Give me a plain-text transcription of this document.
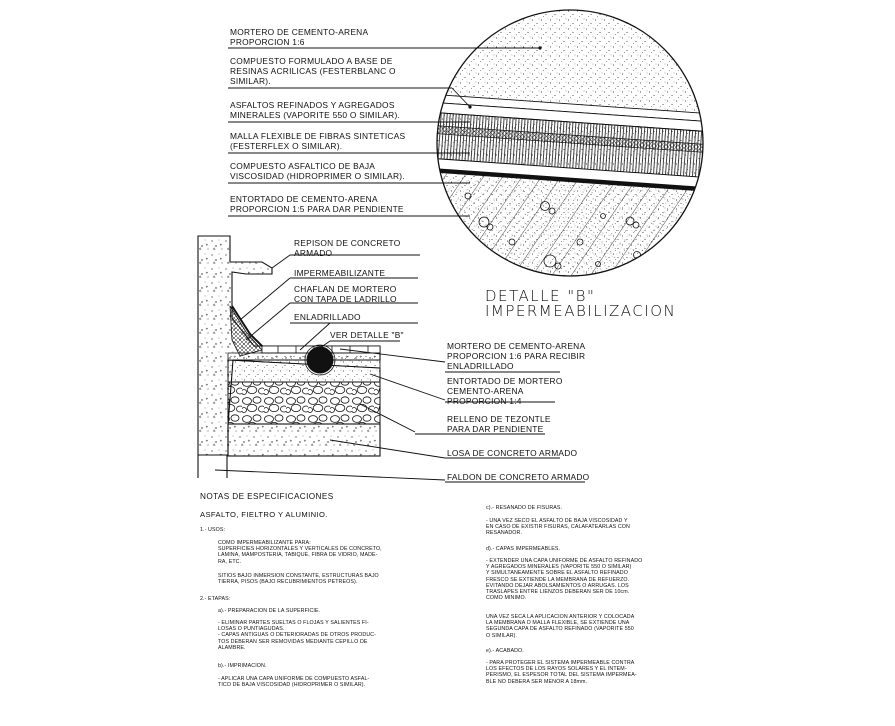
MORTERO DE CEMENTO-ARENA
PROPORCION 1:6
COMPUESTO FORMULADO A BASE DE
RESINAS ACRILICAS (FESTERBLANC O
SIMILAR).
ASFALTOS REFINADOS Y AGREGADOS
MINERALES (VAPORITE 550 O SIMILAR).
MALLA FLEXIBLE DE FIBRAS SINTETICAS
(FESTERFLEX O SIMILAR).
COMPUESTO ASFALTICO DE BAJA
VISCOSIDAD (HIDROPRIMER O SIMILAR).
ENTORTADO DE CEMENTO-ARENA
PROPORCION 1:5 PARA DAR PENDIENTE
DETALLE "B"
IMPERMEABILIZACION
REPISON DE CONCRETO
ARMADO
IMPERMEABILIZANTE
CHAFLAN DE MORTERO
CON TAPA DE LADRILLO
ENLADRILLADO
VER DETALLE "B"
MORTERO DE CEMENTO-ARENA
PROPORCION 1:6 PARA RECIBIR
ENLADRILLADO
ENTORTADO DE MORTERO
CEMENTO-ARENA
PROPORCION 1:4
RELLENO DE TEZONTLE
PARA DAR PENDIENTE
LOSA DE CONCRETO ARMADO
FALDON DE CONCRETO ARMADO
NOTAS DE ESPECIFICACIONES
ASFALTO, FIELTRO Y ALUMINIO.
1.- USOS:
COMO IMPERMEABILIZANTE PARA:
SUPERFICIES HORIZONTALES Y VERTICALES DE CONCRETO,
LAMINA, MAMPOSTERIA, TABIQUE, FIBRA DE VIDRIO, MADE-
RA, ETC.
SITIOS BAJO INMERSION CONSTANTE, ESTRUCTURAS BAJO
TIERRA, PISOS (BAJO RECUBRIMIENTOS PETREOS).
2.- ETAPAS:
a).- PREPARACION DE LA SUPERFICIE.
- ELIMINAR PARTES SUELTAS O FLOJAS Y SALIENTES FI-
LOSAS O PUNTIAGUDAS.
- CAPAS ANTIGUAS O DETERIORADAS DE OTROS PRODUC-
TOS DEBERAN SER REMOVIDAS MEDIANTE CEPILLO DE
ALAMBRE.
b).- IMPRIMACION.
- APLICAR UNA CAPA UNIFORME DE COMPUESTO ASFAL-
TICO DE BAJA VISCOSIDAD (HIDROPRIMER O SIMILAR).
c).- RESANADO DE FISURAS.
- UNA VEZ SECO EL ASFALTO DE BAJA VISCOSIDAD Y
EN CASO DE EXISTIR FISURAS, CALAFATEARLAS CON
RESANADOR.
d).- CAPAS IMPERMEABLES.
- EXTENDER UNA CAPA UNIFORME DE ASFALTO REFINADO
Y AGREGADOS MINERALES (VAPORITE 550 O SIMILAR)
Y SIMULTANEAMENTE SOBRE EL ASFALTO REFINADO
FRESCO SE EXTIENDE LA MEMBRANA DE REFUERZO.
EVITANDO DEJAR ABOLSAMIENTOS O ARRUGAS. LOS
TRASLAPES ENTRE LIENZOS DEBERAN SER DE 10cm.
COMO MINIMO.
UNA VEZ SECA LA APLICACION ANTERIOR Y COLOCADA
LA MEMBRANA O MALLA FLEXIBLE, SE EXTIENDE UNA
SEGUNDA CAPA DE ASFALTO REFINADO (VAPORITE 550
O SIMILAR).
e).- ACABADO.
- PARA PROTEGER EL SISTEMA IMPERMEABLE CONTRA
LOS EFECTOS DE LOS RAYOS SOLARES Y EL INTEM-
PERISMO, EL ESPESOR TOTAL DEL SISTEMA IMPERMEA-
BLE NO DEBERA SER MENOR A 18mm.
